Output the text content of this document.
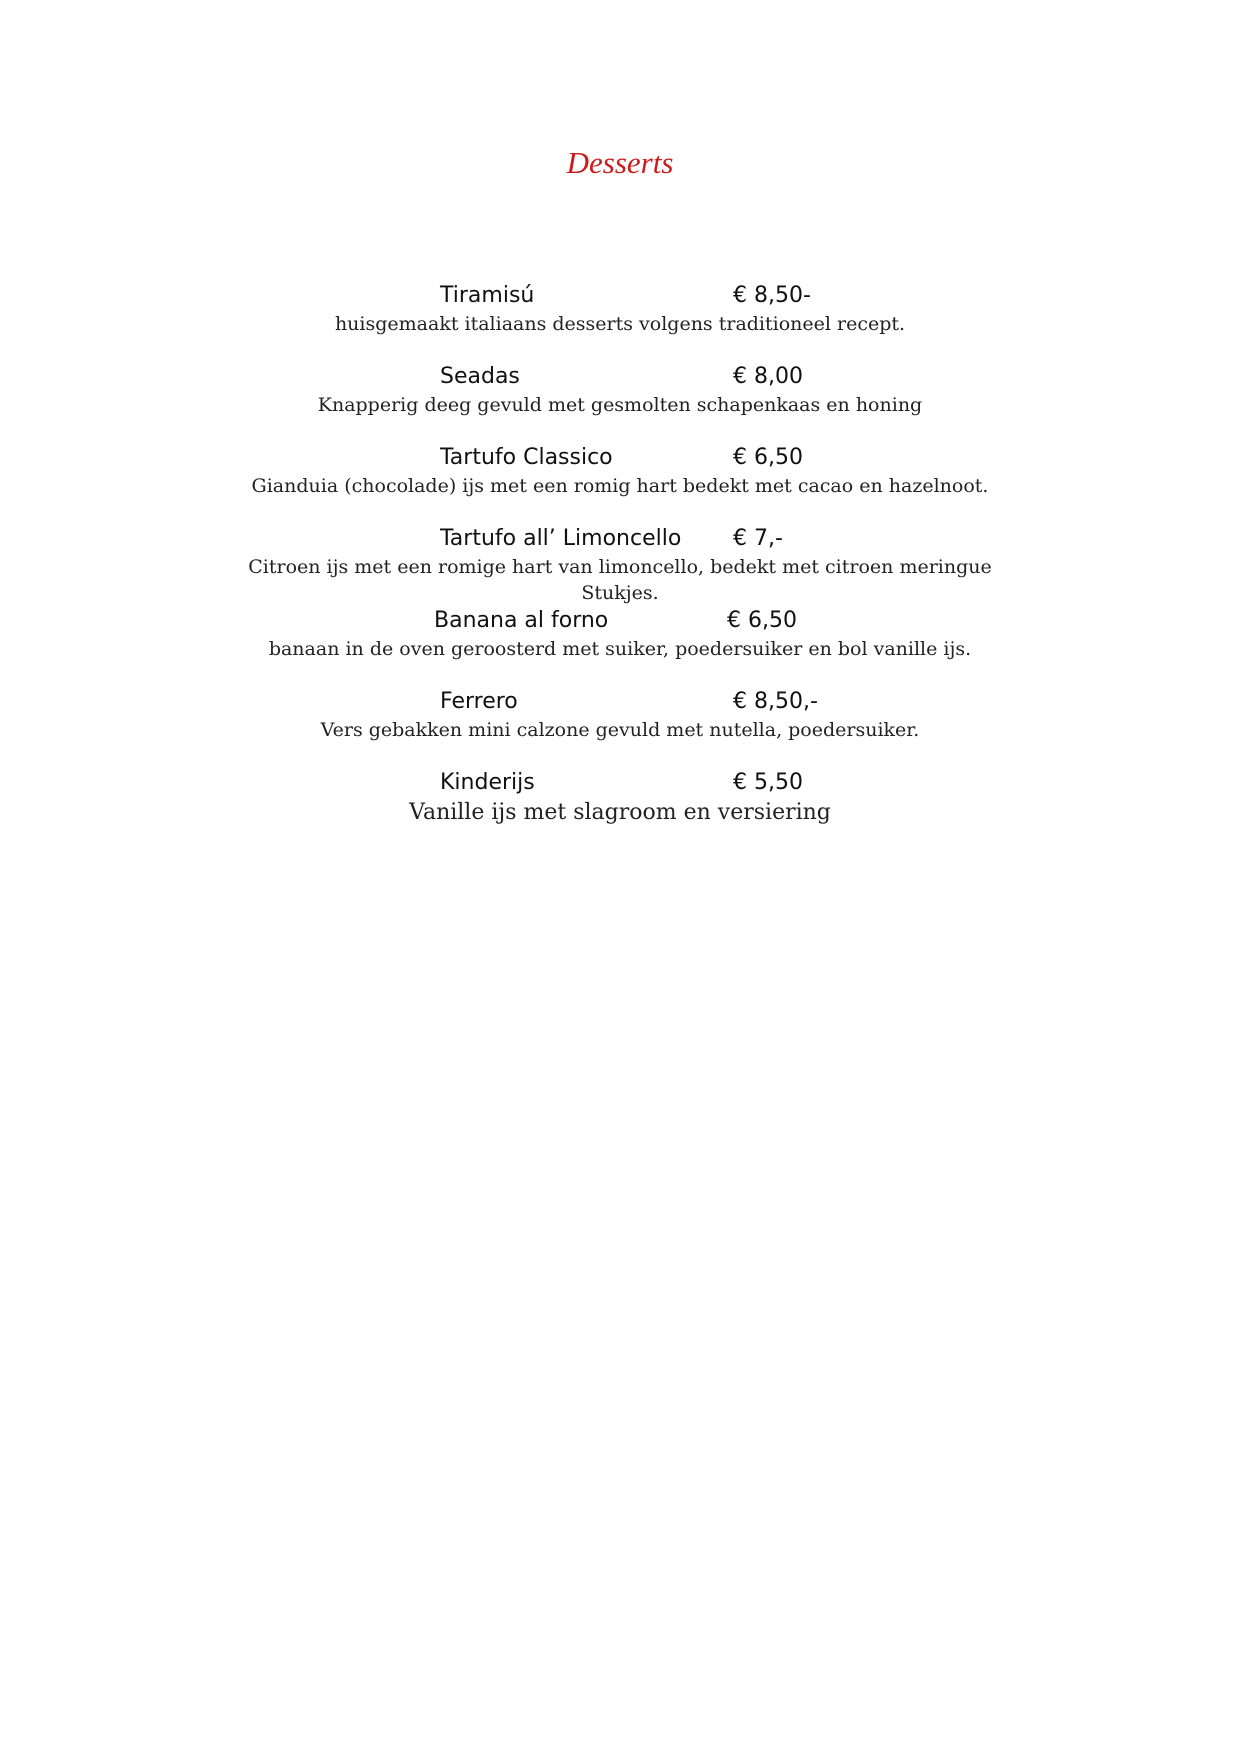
Desserts
Tiramisú	€ 8,50-
huisgemaakt italiaans desserts volgens traditioneel recept.
Seadas	€ 8,00
Knapperig deeg gevuld met gesmolten schapenkaas en honing
Tartufo Classico	€ 6,50
Gianduia (chocolade) ijs met een romig hart bedekt met cacao en hazelnoot.
Tartufo all’ Limoncello € 7,-
Citroen ijs met een romige hart van limoncello, bedekt met citroen meringue Stukjes.
Banana al forno	€ 6,50
banaan in de oven geroosterd met suiker, poedersuiker en bol vanille ijs.
Ferrero	€ 8,50,-
Vers gebakken mini calzone gevuld met nutella, poedersuiker.
Kinderijs	€ 5,50
Vanille ijs met slagroom en versiering
